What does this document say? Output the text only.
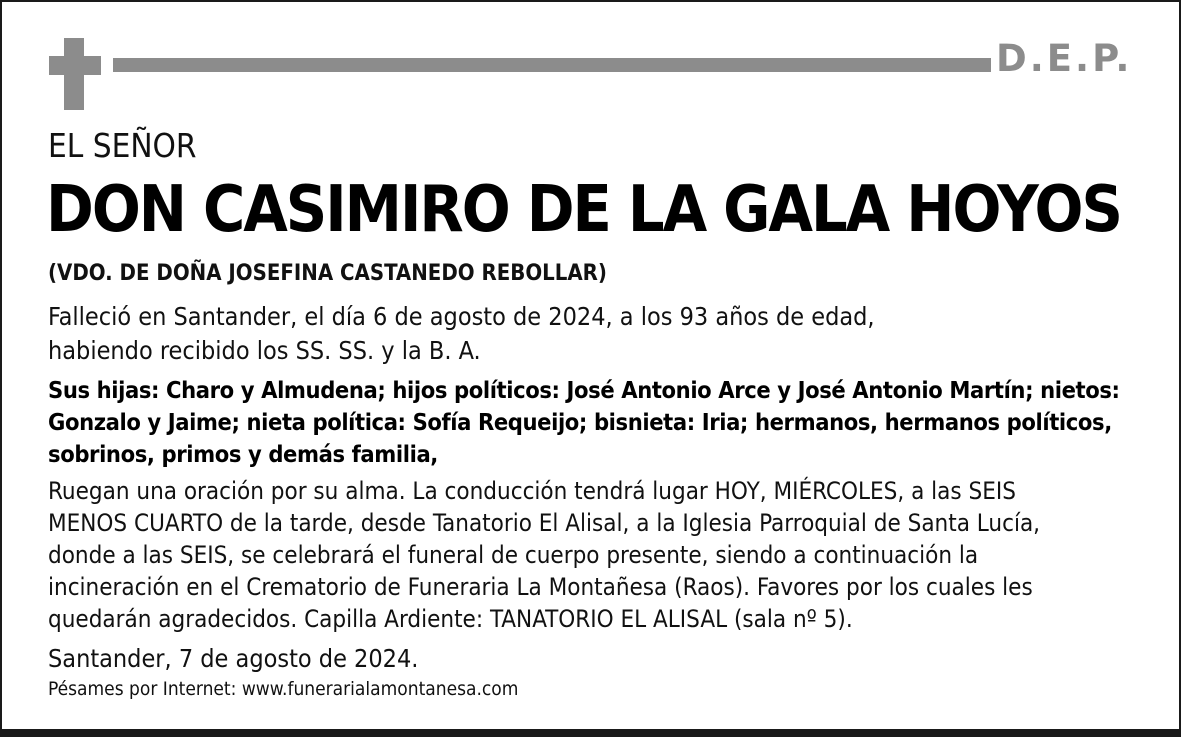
D.E.P.
EL SEÑOR
DON CASIMIRO DE LA GALA HOYOS
(VDO. DE DOÑA JOSEFINA CASTANEDO REBOLLAR)
Falleció en Santander, el día 6 de agosto de 2024, a los 93 años de edad,
habiendo recibido los SS. SS. y la B. A.
Sus hijas: Charo y Almudena; hijos políticos: José Antonio Arce y José Antonio Martín; nietos:
Gonzalo y Jaime; nieta política: Sofía Requeijo; bisnieta: Iria; hermanos, hermanos políticos,
sobrinos, primos y demás familia,
Ruegan una oración por su alma. La conducción tendrá lugar HOY, MIÉRCOLES, a las SEIS
MENOS CUARTO de la tarde, desde Tanatorio El Alisal, a la Iglesia Parroquial de Santa Lucía,
donde a las SEIS, se celebrará el funeral de cuerpo presente, siendo a continuación la
incineración en el Crematorio de Funeraria La Montañesa (Raos). Favores por los cuales les
quedarán agradecidos. Capilla Ardiente: TANATORIO EL ALISAL (sala nº 5).
Santander, 7 de agosto de 2024.
Pésames por Internet: www.funerarialamontanesa.com
